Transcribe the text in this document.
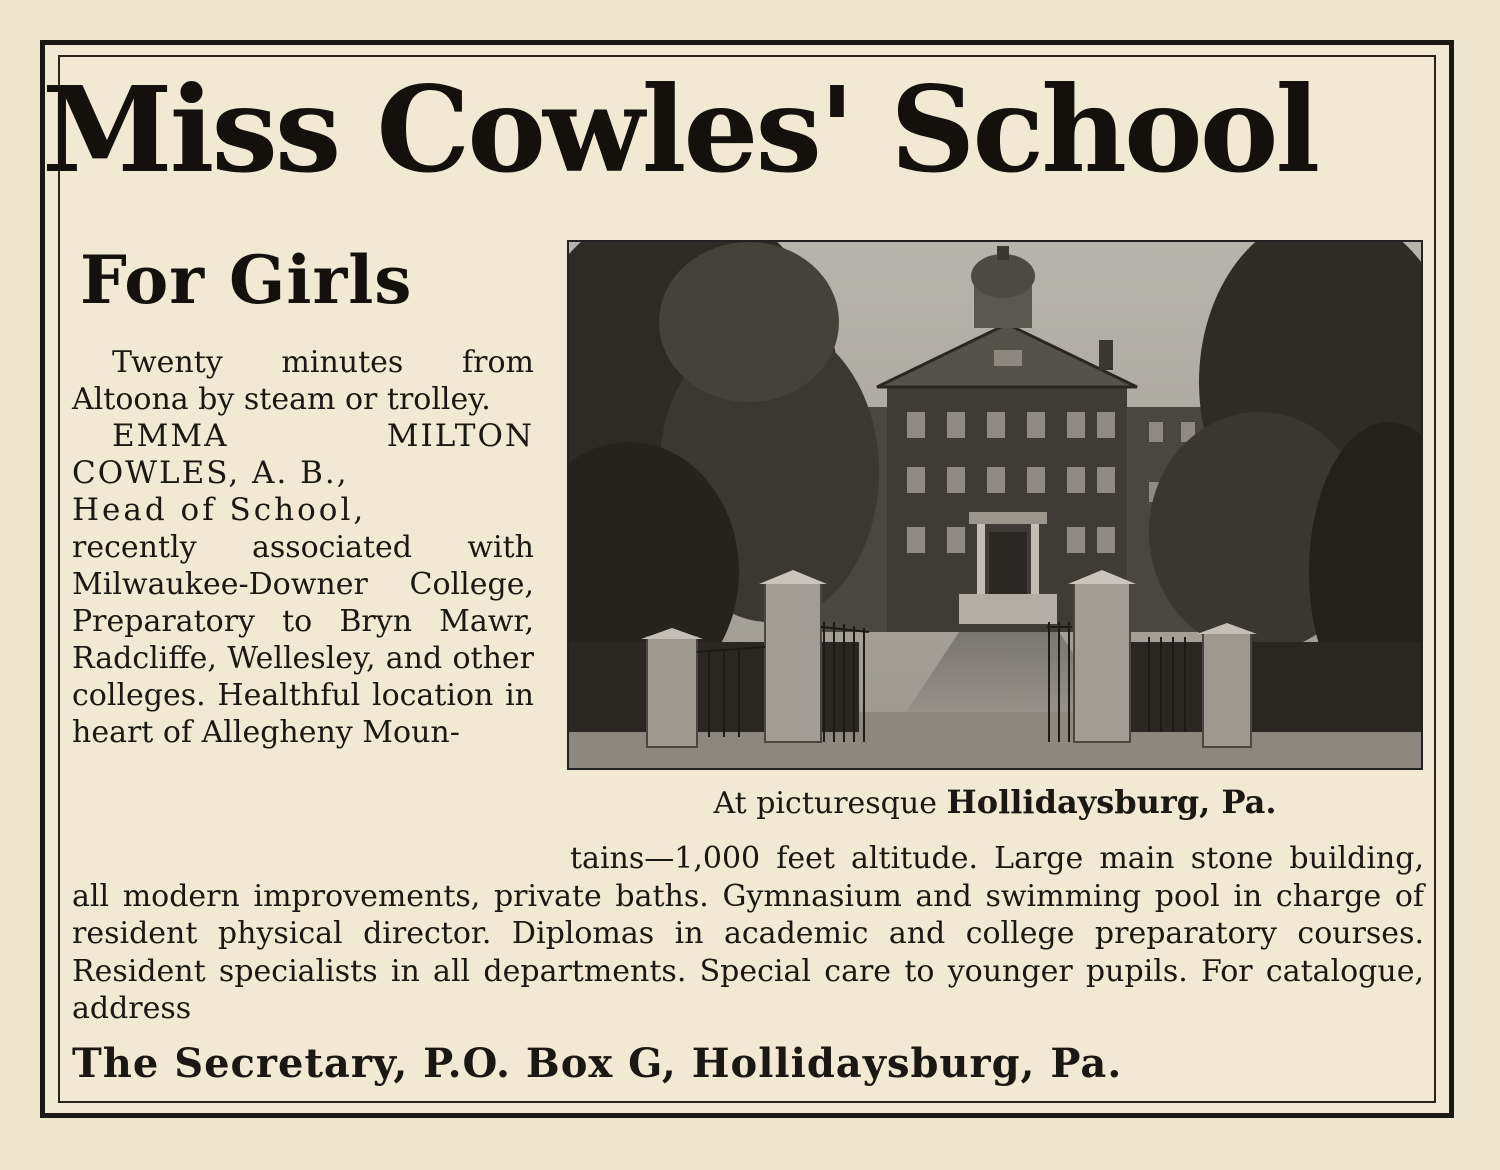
Miss Cowles' School
For Girls

Twenty minutes from Altoona by steam or trolley.

EMMA MILTON COWLES, A. B.,

Head of School,
recently associated with Milwaukee-Downer College, Preparatory to Bryn Mawr, Radcliffe, Wellesley, and other colleges. Healthful location in heart of Allegheny Moun-

At picturesque Hollidaysburg, Pa.

tains—1,000 feet altitude. Large main stone building, all modern improvements, private baths. Gymnasium and swimming pool in charge of resident physical director. Diplomas in academic and college preparatory courses. Resident specialists in all departments. Special care to younger pupils. For catalogue, address

The Secretary, P.O. Box G, Hollidaysburg, Pa.
